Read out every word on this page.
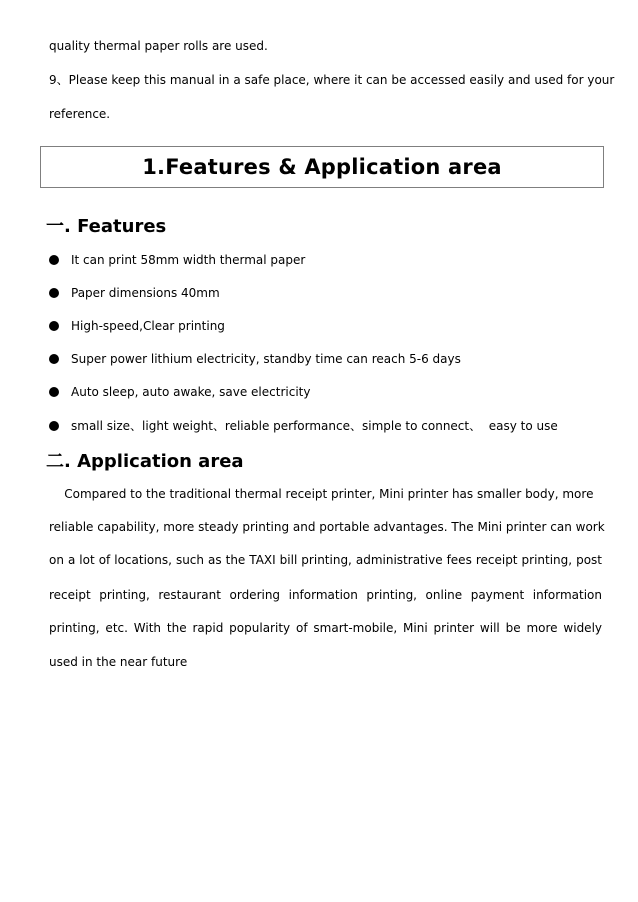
quality thermal paper rolls are used.
9、Please keep this manual in a safe place, where it can be accessed easily and used for your
reference.
1.Features & Application area
一. Features
It can print 58mm width thermal paper
Paper dimensions 40mm
High-speed,Clear printing
Super power lithium electricity, standby time can reach 5-6 days
Auto sleep, auto awake, save electricity
small size、light weight、reliable performance、simple to connect、  easy to use
二. Application area
Compared to the traditional thermal receipt printer, Mini printer has smaller body, more
reliable capability, more steady printing and portable advantages. The Mini printer can work
on a lot of locations, such as the TAXI bill printing, administrative fees receipt printing, post
receipt printing, restaurant ordering information printing, online payment information
printing, etc. With the rapid popularity of smart-mobile, Mini printer will be more widely
used in the near future
